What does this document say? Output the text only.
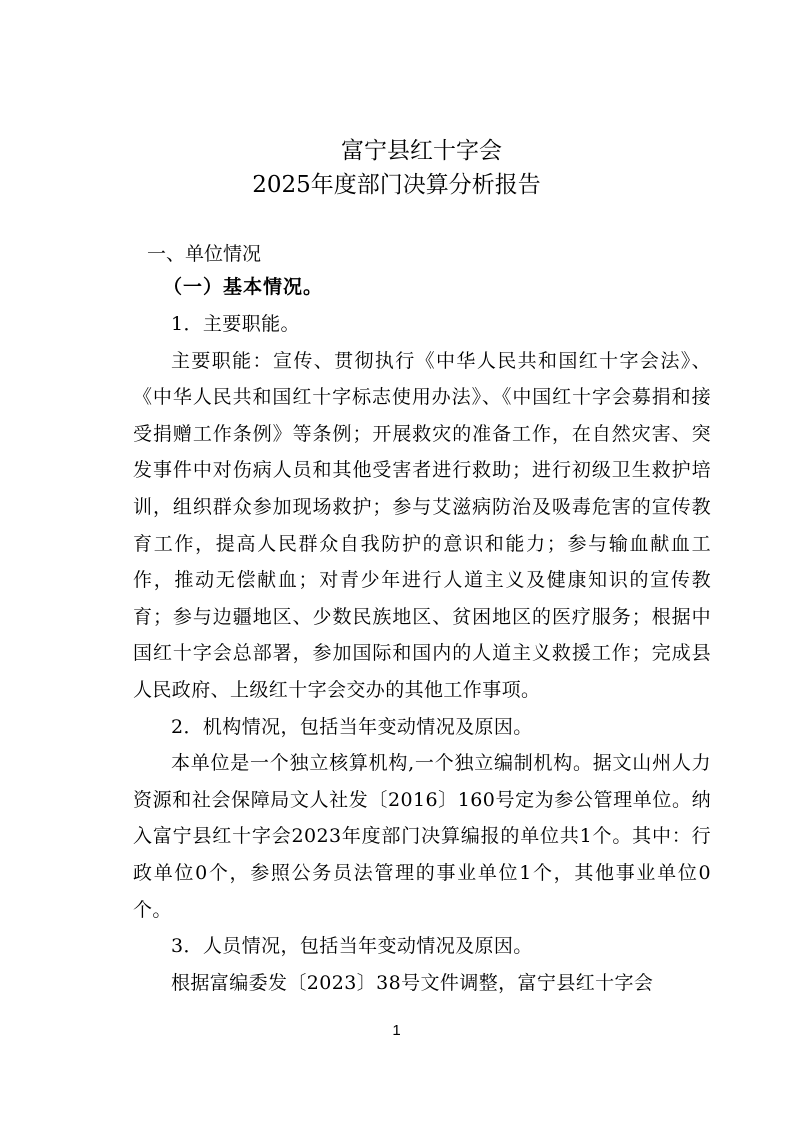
富宁县红十字会
2025年度部门决算分析报告
一、单位情况
（一）基本情况。

1．主要职能。

主要职能：宣传、贯彻执行《中华人民共和国红十字会法》、《中华人民共和国红十字标志使用办法》、《中国红十字会募捐和接受捐赠工作条例》等条例；开展救灾的准备工作，在自然灾害、突发事件中对伤病人员和其他受害者进行救助；进行初级卫生救护培训，组织群众参加现场救护；参与艾滋病防治及吸毒危害的宣传教育工作，提高人民群众自我防护的意识和能力；参与输血献血工作，推动无偿献血；对青少年进行人道主义及健康知识的宣传教育；参与边疆地区、少数民族地区、贫困地区的医疗服务；根据中国红十字会总部署，参加国际和国内的人道主义救援工作；完成县人民政府、上级红十字会交办的其他工作事项。

2．机构情况，包括当年变动情况及原因。

本单位是一个独立核算机构,一个独立编制机构。据文山州人力资源和社会保障局文人社发〔2016〕160号定为参公管理单位。纳入富宁县红十字会2023年度部门决算编报的单位共1个。其中：行政单位0个，参照公务员法管理的事业单位1个，其他事业单位0个。

3．人员情况，包括当年变动情况及原因。

根据富编委发〔2023〕38号文件调整，富宁县红十字会

1
